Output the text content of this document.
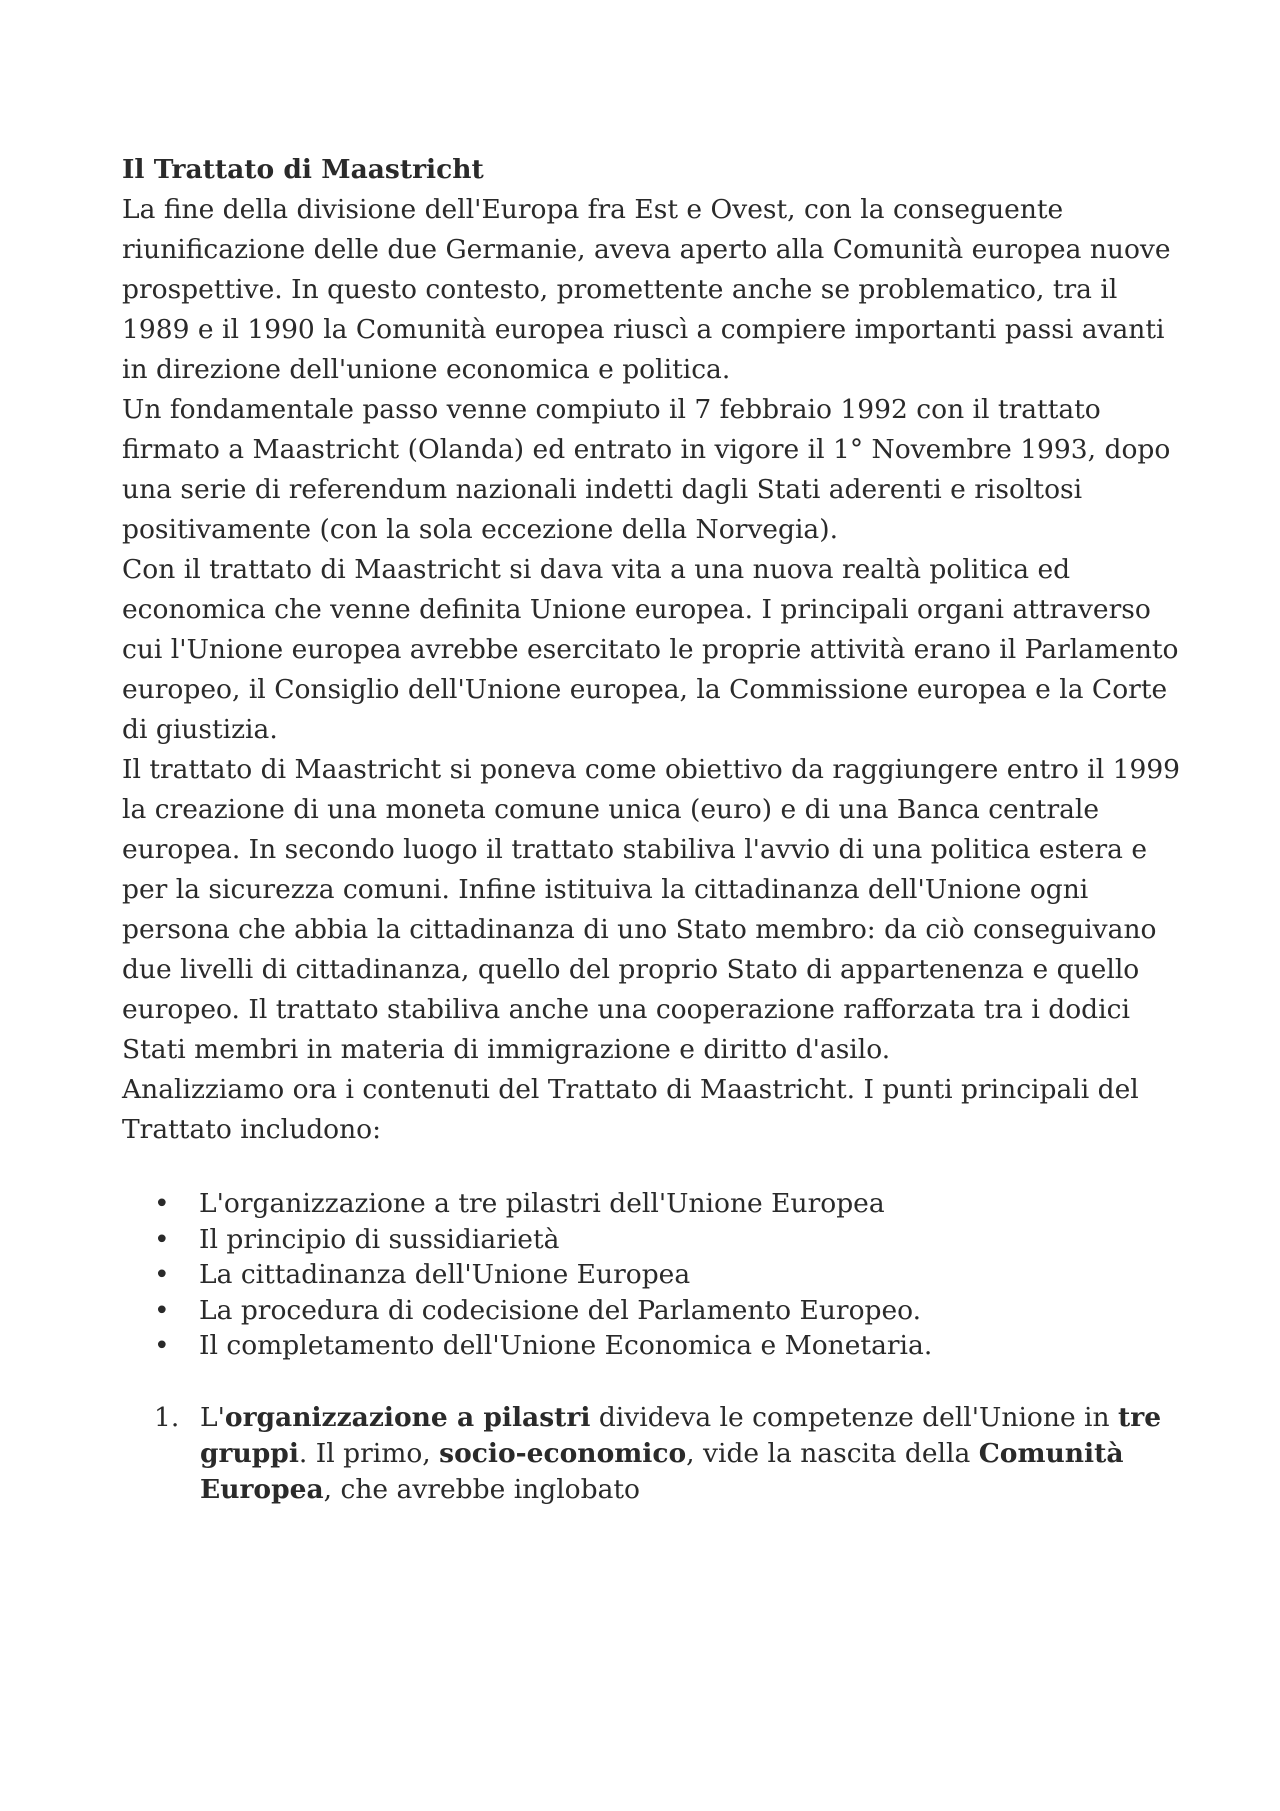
Il Trattato di Maastricht

La fine della divisione dell'Europa fra Est e Ovest, con la conseguente riunificazione delle due Germanie, aveva aperto alla Comunità europea nuove prospettive. In questo contesto, promettente anche se problematico, tra il 1989 e il 1990 la Comunità europea riuscì a compiere importanti passi avanti in direzione dell'unione economica e politica.

Un fondamentale passo venne compiuto il 7 febbraio 1992 con il trattato firmato a Maastricht (Olanda) ed entrato in vigore il 1° Novembre 1993, dopo una serie di referendum nazionali indetti dagli Stati aderenti e risoltosi positivamente (con la sola eccezione della Norvegia).

Con il trattato di Maastricht si dava vita a una nuova realtà politica ed economica che venne definita Unione europea. I principali organi attraverso cui l'Unione europea avrebbe esercitato le proprie attività erano il Parlamento europeo, il Consiglio dell'Unione europea, la Commissione europea e la Corte di giustizia.

Il trattato di Maastricht si poneva come obiettivo da raggiungere entro il 1999 la creazione di una moneta comune unica (euro) e di una Banca centrale europea. In secondo luogo il trattato stabiliva l'avvio di una politica estera e per la sicurezza comuni. Infine istituiva la cittadinanza dell'Unione ogni persona che abbia la cittadinanza di uno Stato membro: da ciò conseguivano due livelli di cittadinanza, quello del proprio Stato di appartenenza e quello europeo. Il trattato stabiliva anche una cooperazione rafforzata tra i dodici Stati membri in materia di immigrazione e diritto d'asilo.

Analizziamo ora i contenuti del Trattato di Maastricht. I punti principali del Trattato includono:

• L'organizzazione a tre pilastri dell'Unione Europea
• Il principio di sussidiarietà
• La cittadinanza dell'Unione Europea
• La procedura di codecisione del Parlamento Europeo.
• Il completamento dell'Unione Economica e Monetaria.
1. L'organizzazione a pilastri divideva le competenze dell'Unione in tre gruppi. Il primo, socio-economico, vide la nascita della Comunità Europea, che avrebbe inglobato
